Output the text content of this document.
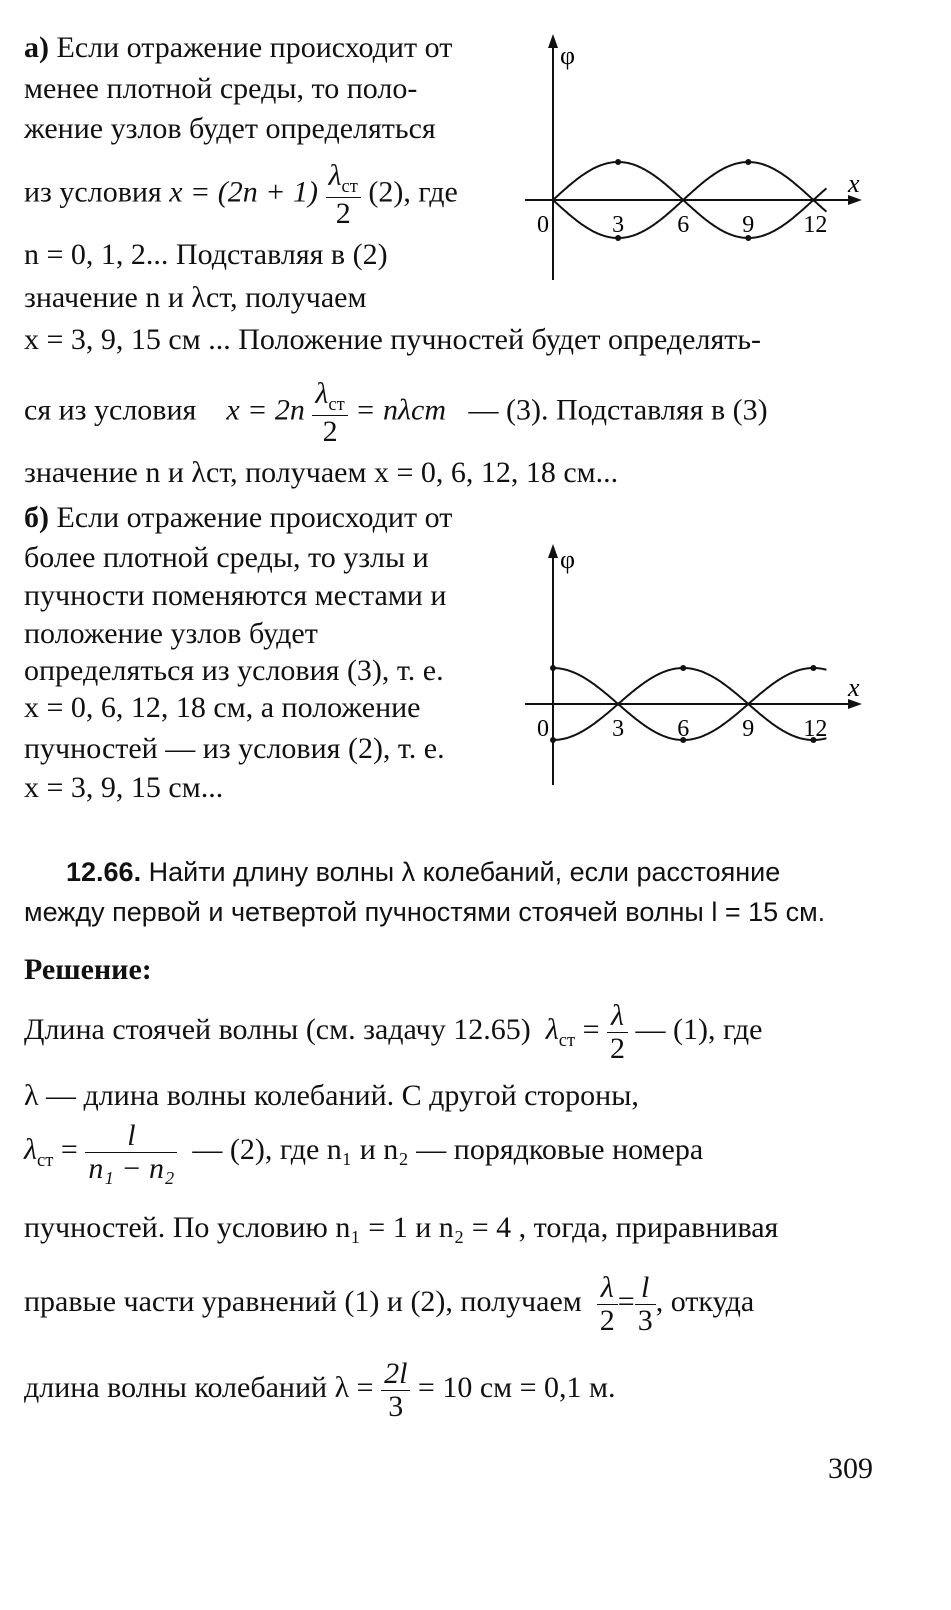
а) Если отражение происходит от
менее плотной среды, то поло-
жение узлов будет определяться
из условия $x = (2n + 1) \frac{\lambda_{ст}}{2} (2)$, где
n = 0, 1, 2... Подставляя в (2)
значение n и λст, получаем
x = 3, 9, 15 см ... Положение пучностей будет определять-
ся из условия $x = 2n \frac{\lambda_{ст}}{2} = n\lambda ст$ — (3). Подставляя в (3)
значение n и λст, получаем x = 0, 6, 12, 18 см...
б) Если отражение происходит от
более плотной среды, то узлы и
пучности поменяются местами и
положение узлов будет
определяться из условия (3), т. е.
x = 0, 6, 12, 18 см, а положение
пучностей — из условия (2), т. е.
x = 3, 9, 15 см...
φ
x
0	3 6 9 12
φ
x
0	3 6 9 12
12.66. Найти длину волны λ колебаний, если расстояние
между первой и четвертой пучностями стоячей волны l = 15 см.
Решение:
Длина стоячей волны (см. задачу 12.65) $\lambda_{ст} = \frac{\lambda}{2}$ — (1), где
λ — длина волны колебаний. С другой стороны,
$\lambda_{ст} = \frac{l}{\text{n₁ − n₂}}$ — (2), где n₁ и n₂ — порядковые номера
пучностей. По условию n₁ = 1 и n₂ = 4 , тогда, приравнивая
правые части уравнений (1) и (2), получаем $\frac{\lambda}{2} = \frac{l}{3}$ , откуда
длина волны колебаний $\lambda = \frac{2l}{3} = 10$ см = 0,1 м.
309
